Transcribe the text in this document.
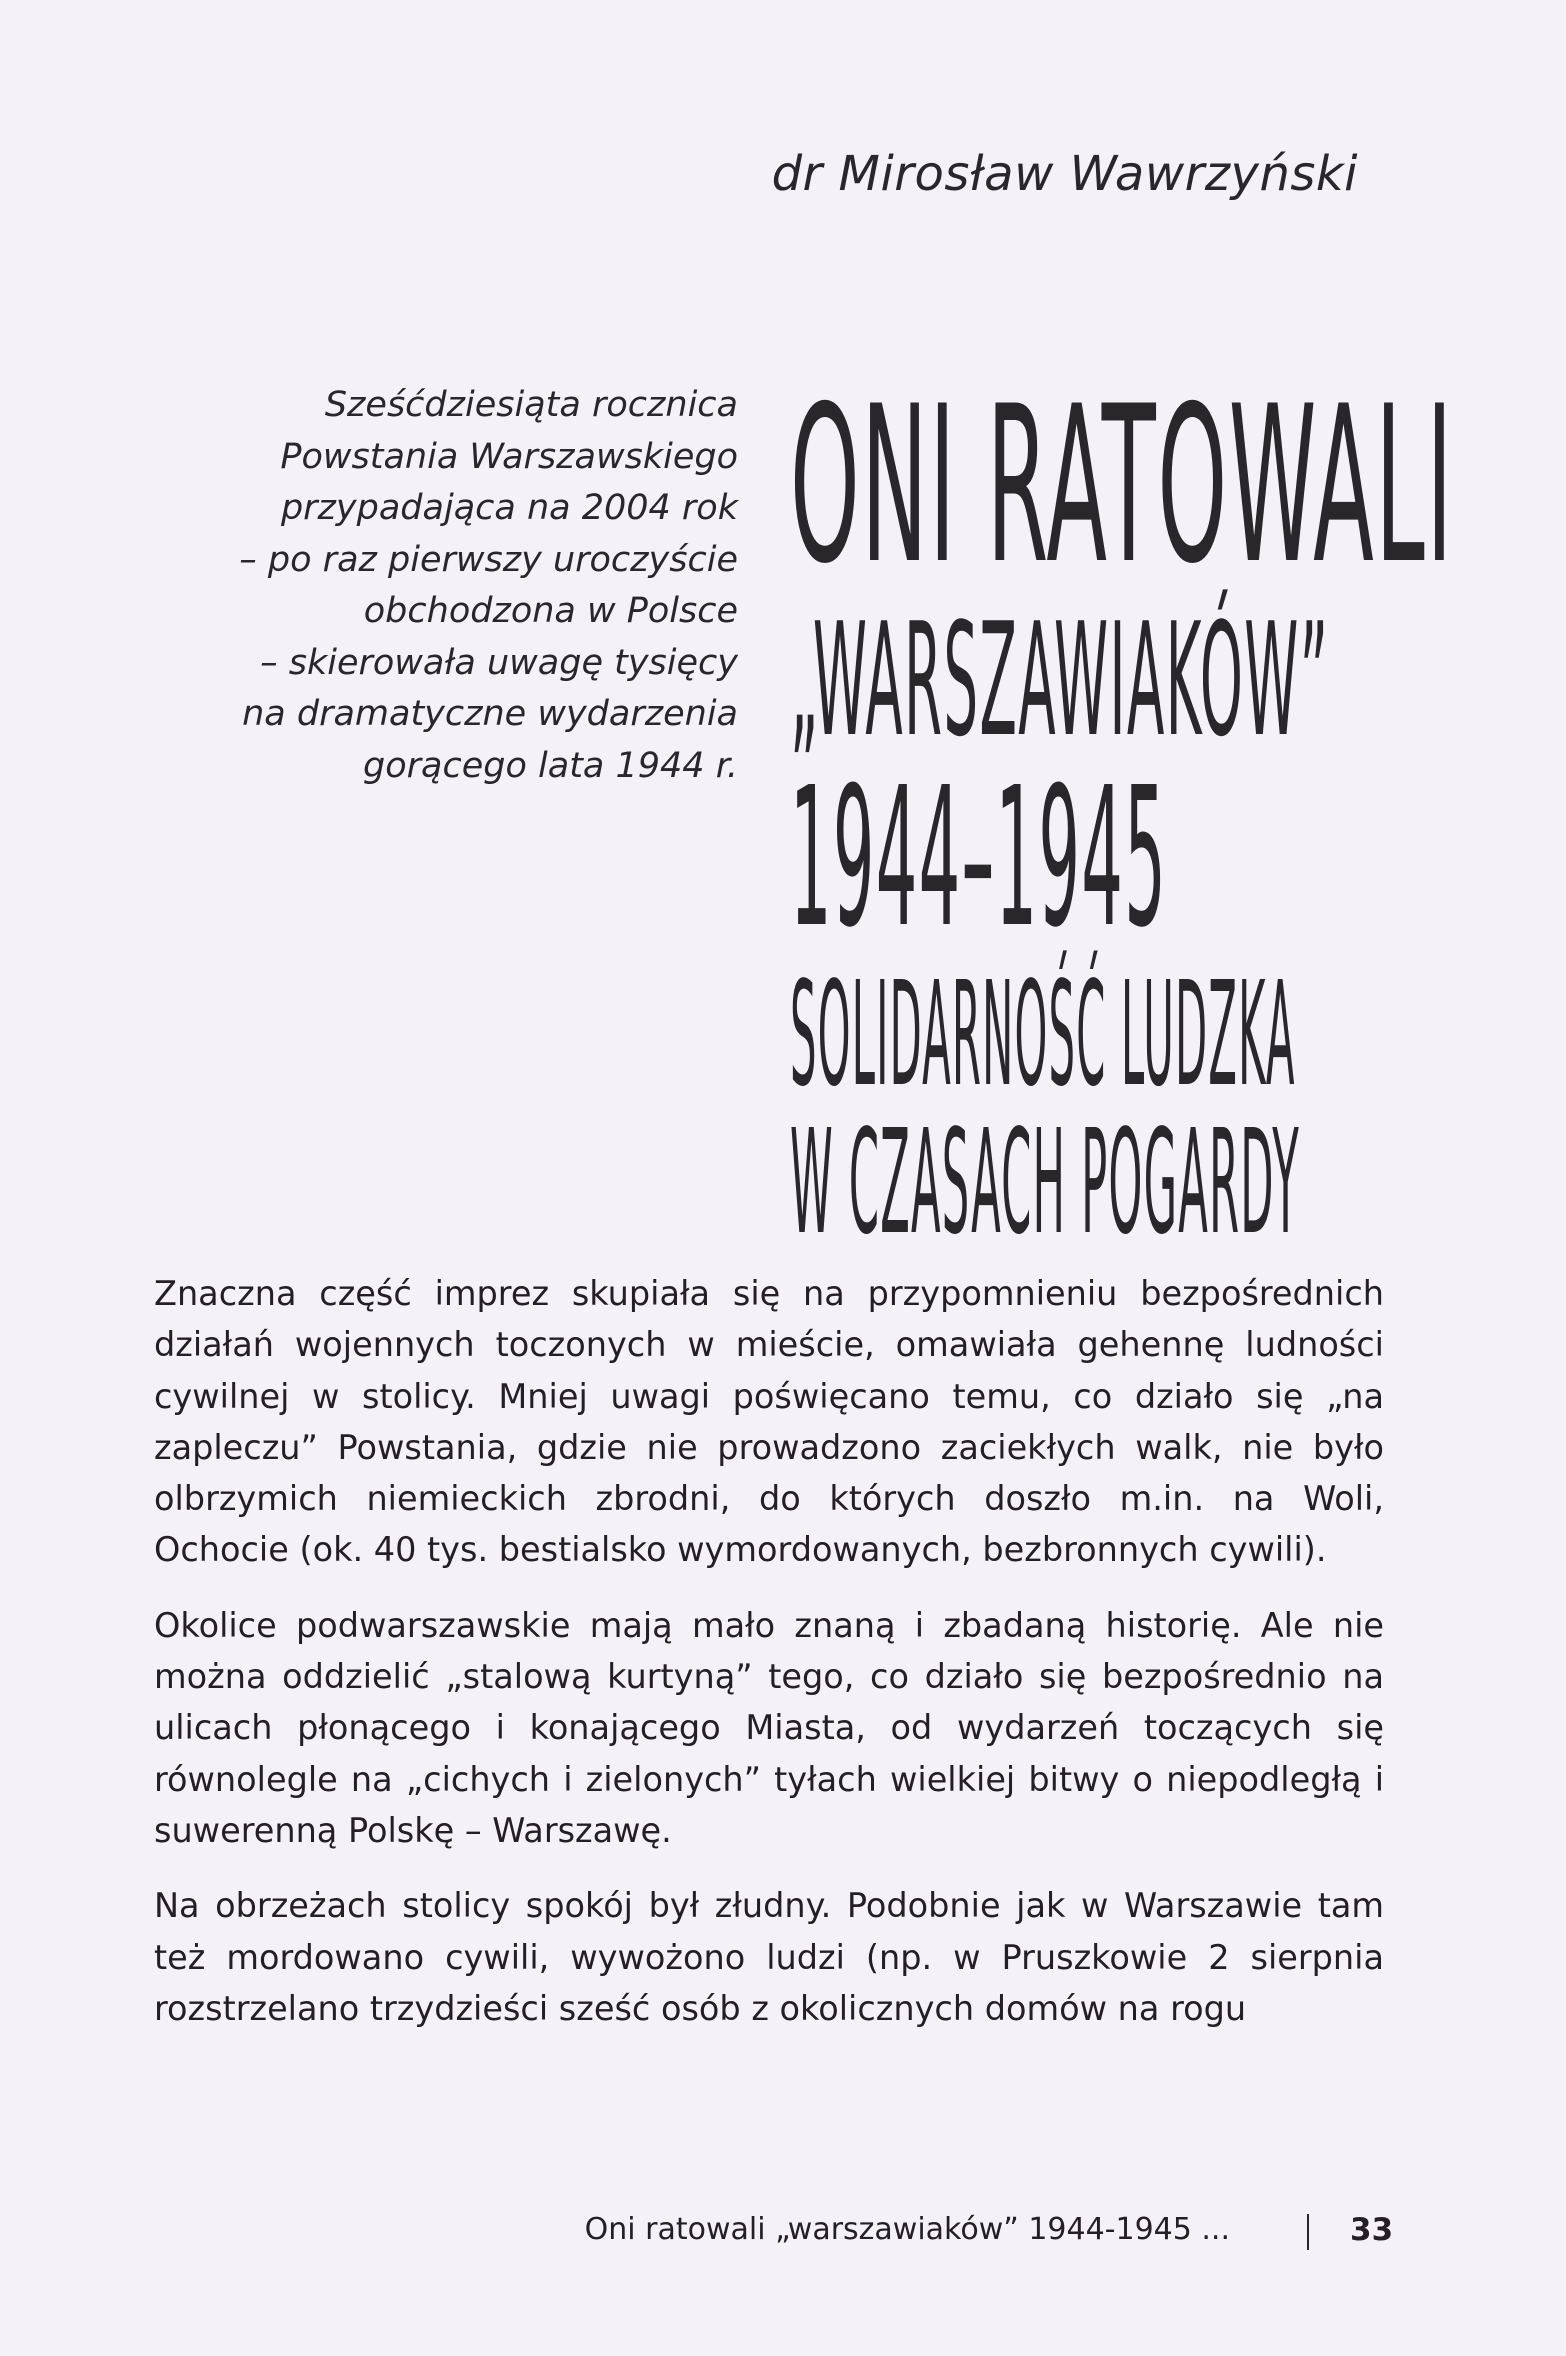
dr Mirosław Wawrzyński
Sześćdziesiąta rocznica
Powstania Warszawskiego
przypadająca na 2004 rok
– po raz pierwszy uroczyście
obchodzona w Polsce
– skierowała uwagę tysięcy
na dramatyczne wydarzenia
gorącego lata 1944 r.
ONI RATOWALI
„WARSZAWIAKÓW”
1944–1945
SOLIDARNOŚĆ LUDZKA
W CZASACH POGARDY

Znaczna część imprez skupiała się na przypomnieniu bezpośrednich działań wojennych toczonych w mieście, omawiała gehennę ludności cywilnej w stolicy. Mniej uwagi poświęcano temu, co działo się „na zapleczu” Powstania, gdzie nie prowadzono zaciekłych walk, nie było olbrzymich niemieckich zbrodni, do których doszło m.in. na Woli, Ochocie (ok. 40 tys. bestialsko wymordowanych, bezbronnych cywili).

Okolice podwarszawskie mają mało znaną i zbadaną historię. Ale nie można oddzielić „stalową kurtyną” tego, co działo się bezpośrednio na ulicach płonącego i konającego Miasta, od wydarzeń toczących się równolegle na „cichych i zielonych” tyłach wielkiej bitwy o niepodległą i suwerenną Polskę – Warszawę.

Na obrzeżach stolicy spokój był złudny. Podobnie jak w Warszawie tam też mordowano cywili, wywożono ludzi (np. w Pruszkowie 2 sierpnia rozstrzelano trzydzieści sześć osób z okolicznych domów na rogu

Oni ratowali „warszawiaków” 1944-1945 ...	33
